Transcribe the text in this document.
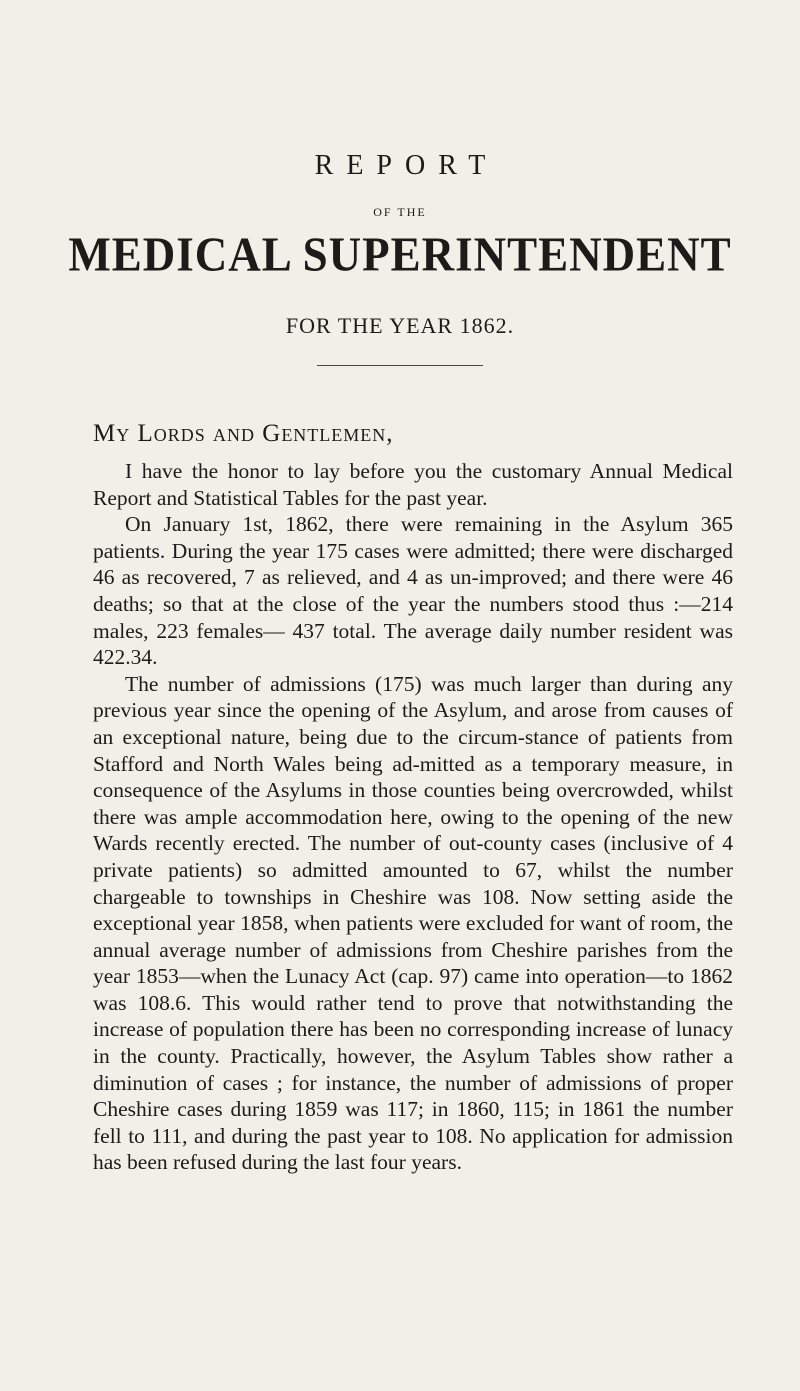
REPORT
OF THE
MEDICAL SUPERINTENDENT
FOR THE YEAR 1862.
My Lords and Gentlemen,

I have the honor to lay before you the customary Annual Medical Report and Statistical Tables for the past year.

On January 1st, 1862, there were remaining in the Asylum 365 patients. During the year 175 cases were admitted; there were discharged 46 as recovered, 7 as relieved, and 4 as un-improved; and there were 46 deaths; so that at the close of the year the numbers stood thus :—214 males, 223 females— 437 total. The average daily number resident was 422.34.

The number of admissions (175) was much larger than during any previous year since the opening of the Asylum, and arose from causes of an exceptional nature, being due to the circum-stance of patients from Stafford and North Wales being ad-mitted as a temporary measure, in consequence of the Asylums in those counties being overcrowded, whilst there was ample accommodation here, owing to the opening of the new Wards recently erected. The number of out-county cases (inclusive of 4 private patients) so admitted amounted to 67, whilst the number chargeable to townships in Cheshire was 108. Now setting aside the exceptional year 1858, when patients were excluded for want of room, the annual average number of admissions from Cheshire parishes from the year 1853—when the Lunacy Act (cap. 97) came into operation—to 1862 was 108.6. This would rather tend to prove that notwithstanding the increase of population there has been no corresponding increase of lunacy in the county. Practically, however, the Asylum Tables show rather a diminution of cases ; for instance, the number of admissions of proper Cheshire cases during 1859 was 117; in 1860, 115; in 1861 the number fell to 111, and during the past year to 108. No application for admission has been refused during the last four years.
